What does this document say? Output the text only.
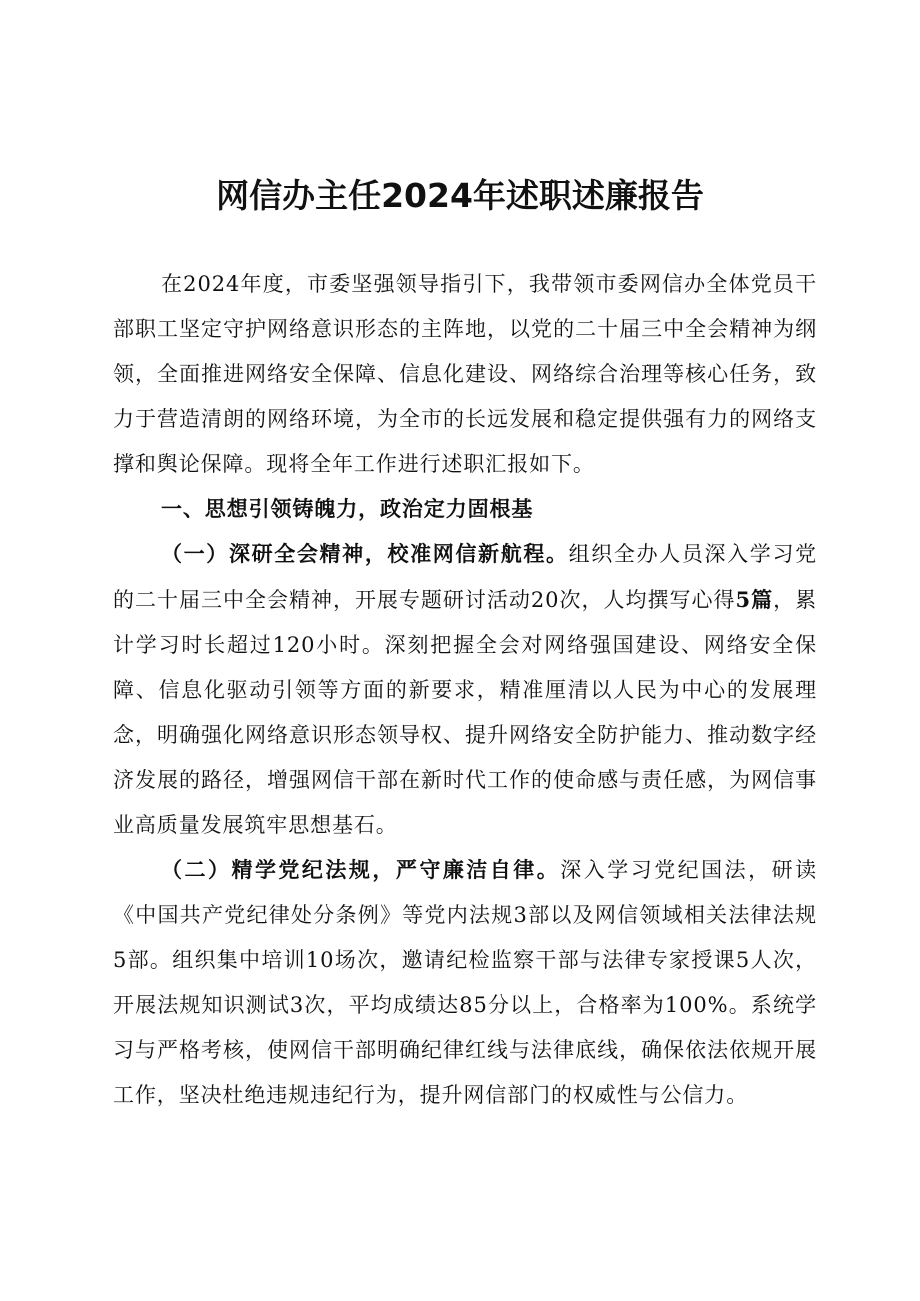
网信办主任2024年述职述廉报告

在2024年度，市委坚强领导指引下，我带领市委网信办全体党员干部职工坚定守护网络意识形态的主阵地，以党的二十届三中全会精神为纲领，全面推进网络安全保障、信息化建设、网络综合治理等核心任务，致力于营造清朗的网络环境，为全市的长远发展和稳定提供强有力的网络支撑和舆论保障。现将全年工作进行述职汇报如下。

一、思想引领铸魄力，政治定力固根基

（一）深研全会精神，校准网信新航程。组织全办人员深入学习党的二十届三中全会精神，开展专题研讨活动20次，人均撰写心得5篇，累计学习时长超过120小时。深刻把握全会对网络强国建设、网络安全保障、信息化驱动引领等方面的新要求，精准厘清以人民为中心的发展理念，明确强化网络意识形态领导权、提升网络安全防护能力、推动数字经济发展的路径，增强网信干部在新时代工作的使命感与责任感，为网信事业高质量发展筑牢思想基石。

（二）精学党纪法规，严守廉洁自律。深入学习党纪国法，研读《中国共产党纪律处分条例》等党内法规3部以及网信领域相关法律法规5部。组织集中培训10场次，邀请纪检监察干部与法律专家授课5人次，开展法规知识测试3次，平均成绩达85分以上，合格率为100%。系统学习与严格考核，使网信干部明确纪律红线与法律底线，确保依法依规开展工作，坚决杜绝违规违纪行为，提升网信部门的权威性与公信力。
